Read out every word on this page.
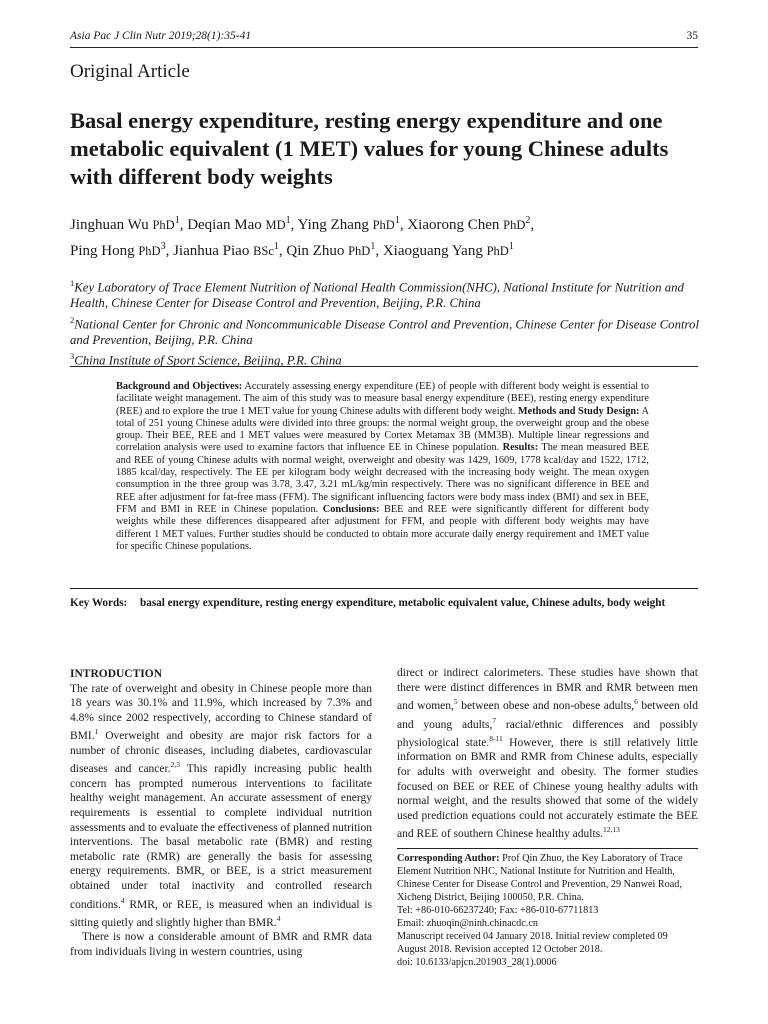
Asia Pac J Clin Nutr 2019;28(1):35-41	35
Original Article
Basal energy expenditure, resting energy expenditure and one metabolic equivalent (1 MET) values for young Chinese adults with different body weights
Jinghuan Wu PhD$^1$, Deqian Mao $MD^1$, Ying Zhang PhD$^1$, Xiaorong Chen PhD$^2$,
Ping Hong PhD$^3$, Jianhua Piao BSc$^1$, Qin Zhuo PhD$^1$, Xiaoguang Yang PhD$^1$
$^1$Key Laboratory of Trace Element Nutrition of National Health Commission(NHC), National Institute for Nutrition and Health, Chinese Center for Disease Control and Prevention, Beijing, P.R. China
$^2$National Center for Chronic and Noncommunicable Disease Control and Prevention, Chinese Center for Disease Control and Prevention, Beijing, P.R. China
$^3$China Institute of Sport Science, Beijing, P.R. China
Background and Objectives: Accurately assessing energy expenditure (EE) of people with different body weight is essential to facilitate weight management. The aim of this study was to measure basal energy expenditure (BEE), resting energy expenditure (REE) and to explore the true 1 MET value for young Chinese adults with different body weight. Methods and Study Design: A total of 251 young Chinese adults were divided into three groups: the normal weight group, the overweight group and the obese group. Their BEE, REE and 1 MET values were measured by Cortex Metamax 3B (MM3B). Multiple linear regressions and correlation analysis were used to examine factors that influence EE in Chinese population. Results: The mean measured BEE and REE of young Chinese adults with normal weight, overweight and obesity was 1429, 1609, 1778 kcal/day and 1522, 1712, 1885 kcal/day, respectively. The EE per kilogram body weight decreased with the increasing body weight. The mean oxygen consumption in the three group was 3.78, 3.47, 3.21 mL/kg/min respectively. There was no significant difference in BEE and REE after adjustment for fat-free mass (FFM). The significant influencing factors were body mass index (BMI) and sex in BEE, FFM and BMI in REE in Chinese population. Conclusions: BEE and REE were significantly different for different body weights while these differences disappeared after adjustment for FFM, and people with different body weights may have different 1 MET values. Further studies should be conducted to obtain more accurate daily energy requirement and 1MET value for specific Chinese populations.
Key Words:	basal energy expenditure, resting energy expenditure, metabolic equivalent value, Chinese adults, body weight
INTRODUCTION

The rate of overweight and obesity in Chinese people more than 18 years was 30.1% and 11.9%, which increased by 7.3% and 4.8% since 2002 respectively, according to Chinese standard of BMI.$^1$ Overweight and obesity are major risk factors for a number of chronic diseases, including diabetes, cardiovascular diseases and cancer.$^{2,3}$ This rapidly increasing public health concern has prompted numerous interventions to facilitate healthy weight management. An accurate assessment of energy requirements is essential to complete individual nutrition assessments and to evaluate the effectiveness of planned nutrition interventions. The basal metabolic rate (BMR) and resting metabolic rate (RMR) are generally the basis for assessing energy requirements. BMR, or BEE, is a strict measurement obtained under total inactivity and controlled research conditions.$^4$ RMR, or REE, is measured when an individual is sitting quietly and slightly higher than BMR.$^4$

There is now a considerable amount of BMR and RMR data from individuals living in western countries, using

direct or indirect calorimeters. These studies have shown that there were distinct differences in BMR and RMR between men and women,$^5$ between obese and non-obese adults,$^6$ between old and young adults,$^7$ racial/ethnic differences and possibly physiological state.$^{8-11}$ However, there is still relatively little information on BMR and RMR from Chinese adults, especially for adults with overweight and obesity. The former studies focused on BEE or REE of Chinese young healthy adults with normal weight, and the results showed that some of the widely used prediction equations could not accurately estimate the BEE and REE of southern Chinese healthy adults.$^{12,13}$

Corresponding Author: Prof Qin Zhuo, the Key Laboratory of Trace Element Nutrition NHC, National Institute for Nutrition and Health, Chinese Center for Disease Control and Prevention, 29 Nanwei Road, Xicheng District, Beijing 100050, P.R. China.
Tel: +86-010-66237240; Fax: +86-010-67711813
Email: zhuoqin@ninh.chinacdc.cn
Manuscript received 04 January 2018. Initial review completed 09 August 2018. Revision accepted 12 October 2018.
doi: 10.6133/apjcn.201903_28(1).0006
